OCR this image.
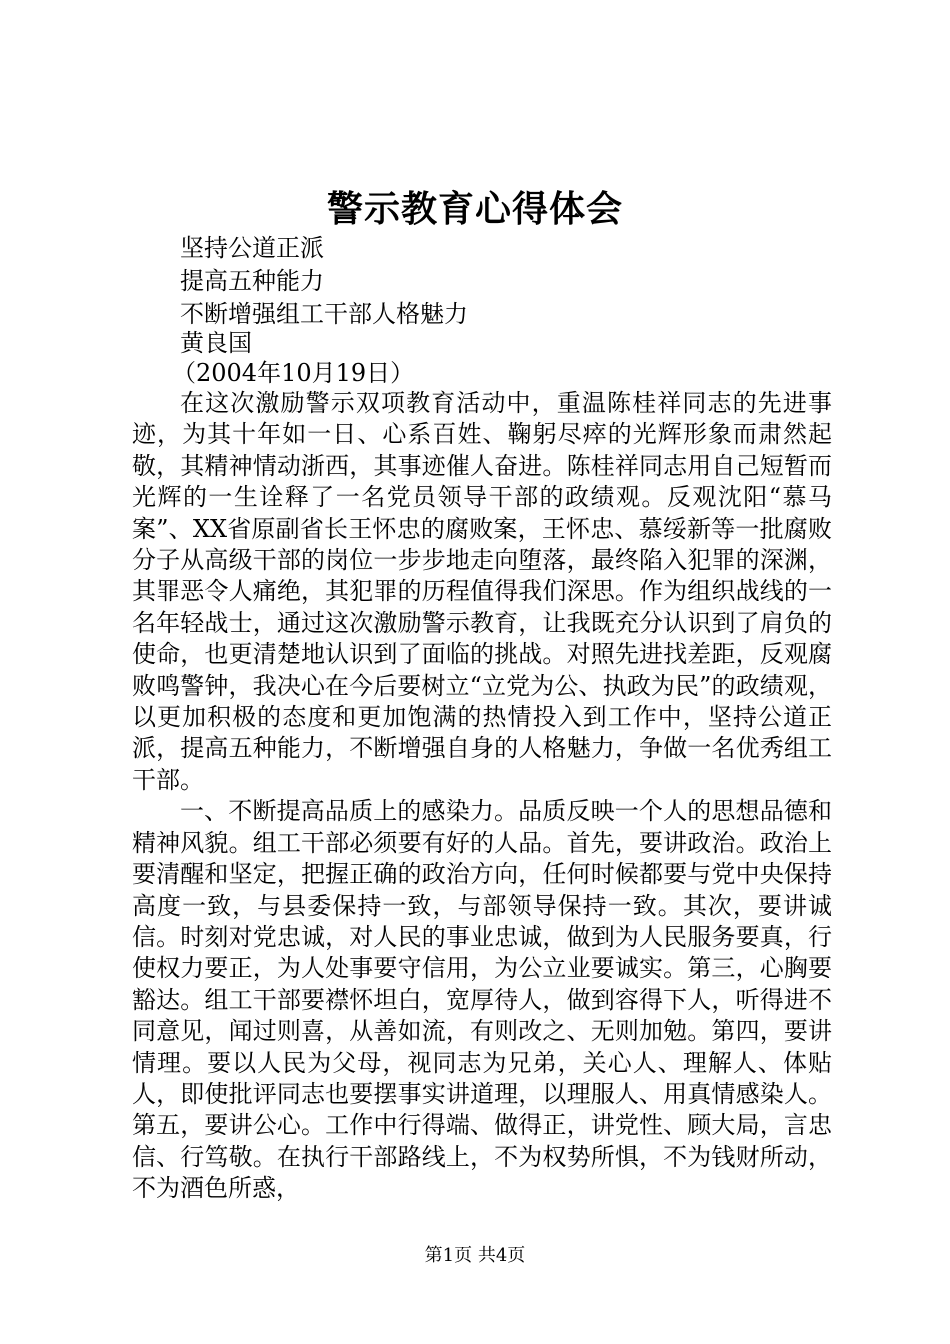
警示教育心得体会
坚持公道正派
提高五种能力
不断增强组工干部人格魅力
黄良国
（2004年10月19日）

在这次激励警示双项教育活动中，重温陈桂祥同志的先进事迹，为其十年如一日、心系百姓、鞠躬尽瘁的光辉形象而肃然起敬，其精神情动浙西，其事迹催人奋进。陈桂祥同志用自己短暂而光辉的一生诠释了一名党员领导干部的政绩观。反观沈阳“慕马案”、XX省原副省长王怀忠的腐败案，王怀忠、慕绥新等一批腐败分子从高级干部的岗位一步步地走向堕落，最终陷入犯罪的深渊，其罪恶令人痛绝，其犯罪的历程值得我们深思。作为组织战线的一名年轻战士，通过这次激励警示教育，让我既充分认识到了肩负的使命，也更清楚地认识到了面临的挑战。对照先进找差距，反观腐败鸣警钟，我决心在今后要树立“立党为公、执政为民”的政绩观，以更加积极的态度和更加饱满的热情投入到工作中，坚持公道正派，提高五种能力，不断增强自身的人格魅力，争做一名优秀组工干部。

一、不断提高品质上的感染力。品质反映一个人的思想品德和精神风貌。组工干部必须要有好的人品。首先，要讲政治。政治上要清醒和坚定，把握正确的政治方向，任何时候都要与党中央保持高度一致，与县委保持一致，与部领导保持一致。其次，要讲诚信。时刻对党忠诚，对人民的事业忠诚，做到为人民服务要真，行使权力要正，为人处事要守信用，为公立业要诚实。第三，心胸要豁达。组工干部要襟怀坦白，宽厚待人，做到容得下人，听得进不同意见，闻过则喜，从善如流，有则改之、无则加勉。第四，要讲情理。要以人民为父母，视同志为兄弟，关心人、理解人、体贴人，即使批评同志也要摆事实讲道理，以理服人、用真情感染人。第五，要讲公心。工作中行得端、做得正，讲党性、顾大局，言忠信、行笃敬。在执行干部路线上，不为权势所惧，不为钱财所动，不为酒色所惑，

第1页 共4页
